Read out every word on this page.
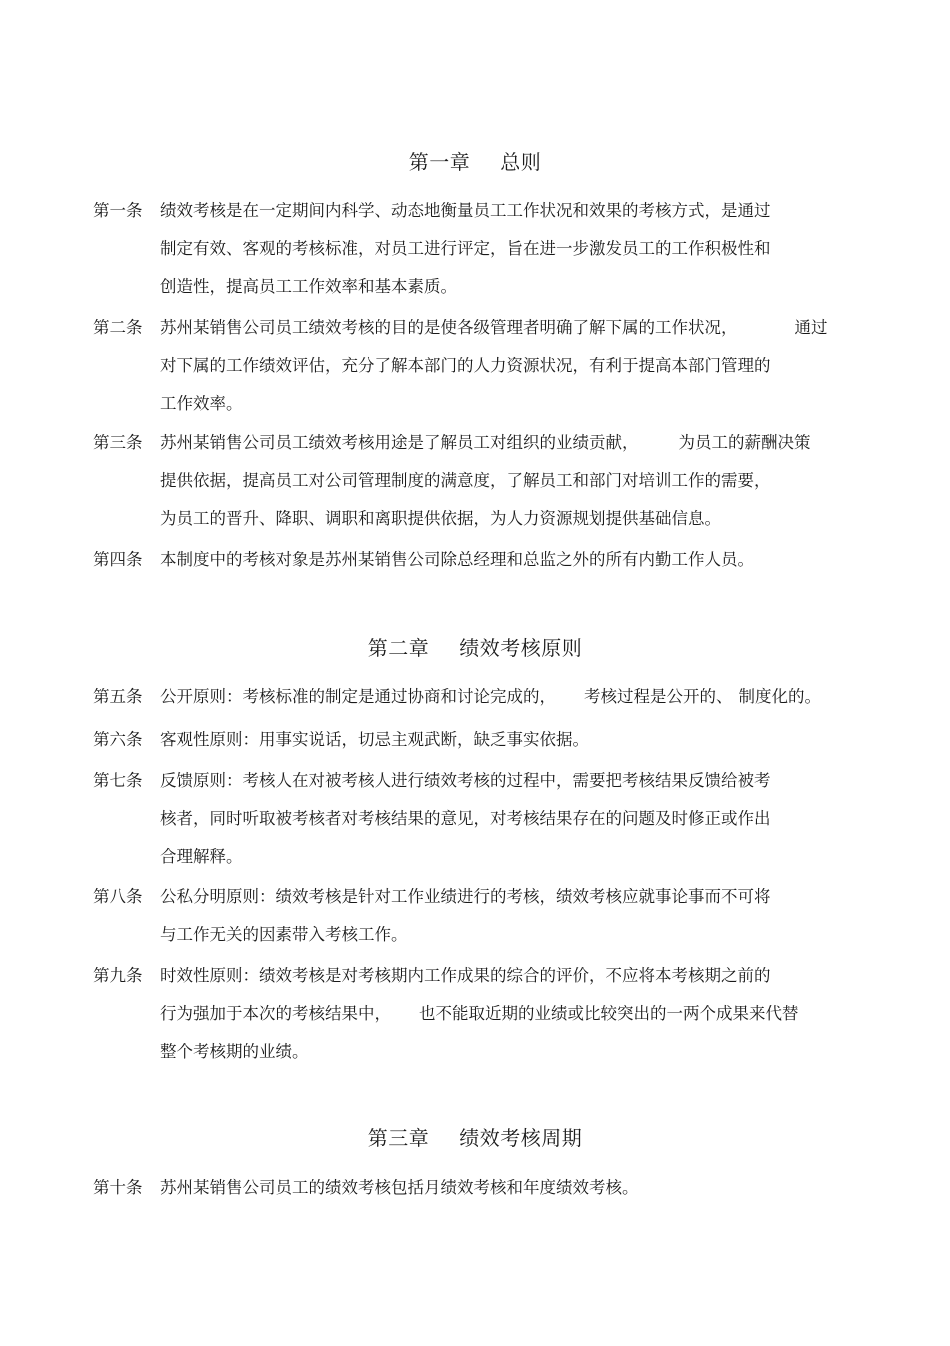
第一章 总则
第一条 绩效考核是在一定期间内科学、动态地衡量员工工作状况和效果的考核方式，是通过
制定有效、客观的考核标准，对员工进行评定，旨在进一步激发员工的工作积极性和
创造性，提高员工工作效率和基本素质。
第二条 苏州某销售公司员工绩效考核的目的是使各级管理者明确了解下属的工作状况，	通过
对下属的工作绩效评估，充分了解本部门的人力资源状况，有利于提高本部门管理的
工作效率。
第三条 苏州某销售公司员工绩效考核用途是了解员工对组织的业绩贡献， 为员工的薪酬决策
提供依据，提高员工对公司管理制度的满意度，了解员工和部门对培训工作的需要，
为员工的晋升、降职、调职和离职提供依据，为人力资源规划提供基础信息。
第四条 本制度中的考核对象是苏州某销售公司除总经理和总监之外的所有内勤工作人员。
第二章 绩效考核原则
第五条 公开原则：考核标准的制定是通过协商和讨论完成的， 考核过程是公开的、 制度化的。
第六条 客观性原则：用事实说话，切忌主观武断，缺乏事实依据。
第七条 反馈原则：考核人在对被考核人进行绩效考核的过程中，需要把考核结果反馈给被考
核者，同时听取被考核者对考核结果的意见，对考核结果存在的问题及时修正或作出
合理解释。
第八条 公私分明原则：绩效考核是针对工作业绩进行的考核，绩效考核应就事论事而不可将
与工作无关的因素带入考核工作。
第九条 时效性原则：绩效考核是对考核期内工作成果的综合的评价，不应将本考核期之前的
行为强加于本次的考核结果中， 也不能取近期的业绩或比较突出的一两个成果来代替
整个考核期的业绩。
第三章 绩效考核周期
第十条 苏州某销售公司员工的绩效考核包括月绩效考核和年度绩效考核。
